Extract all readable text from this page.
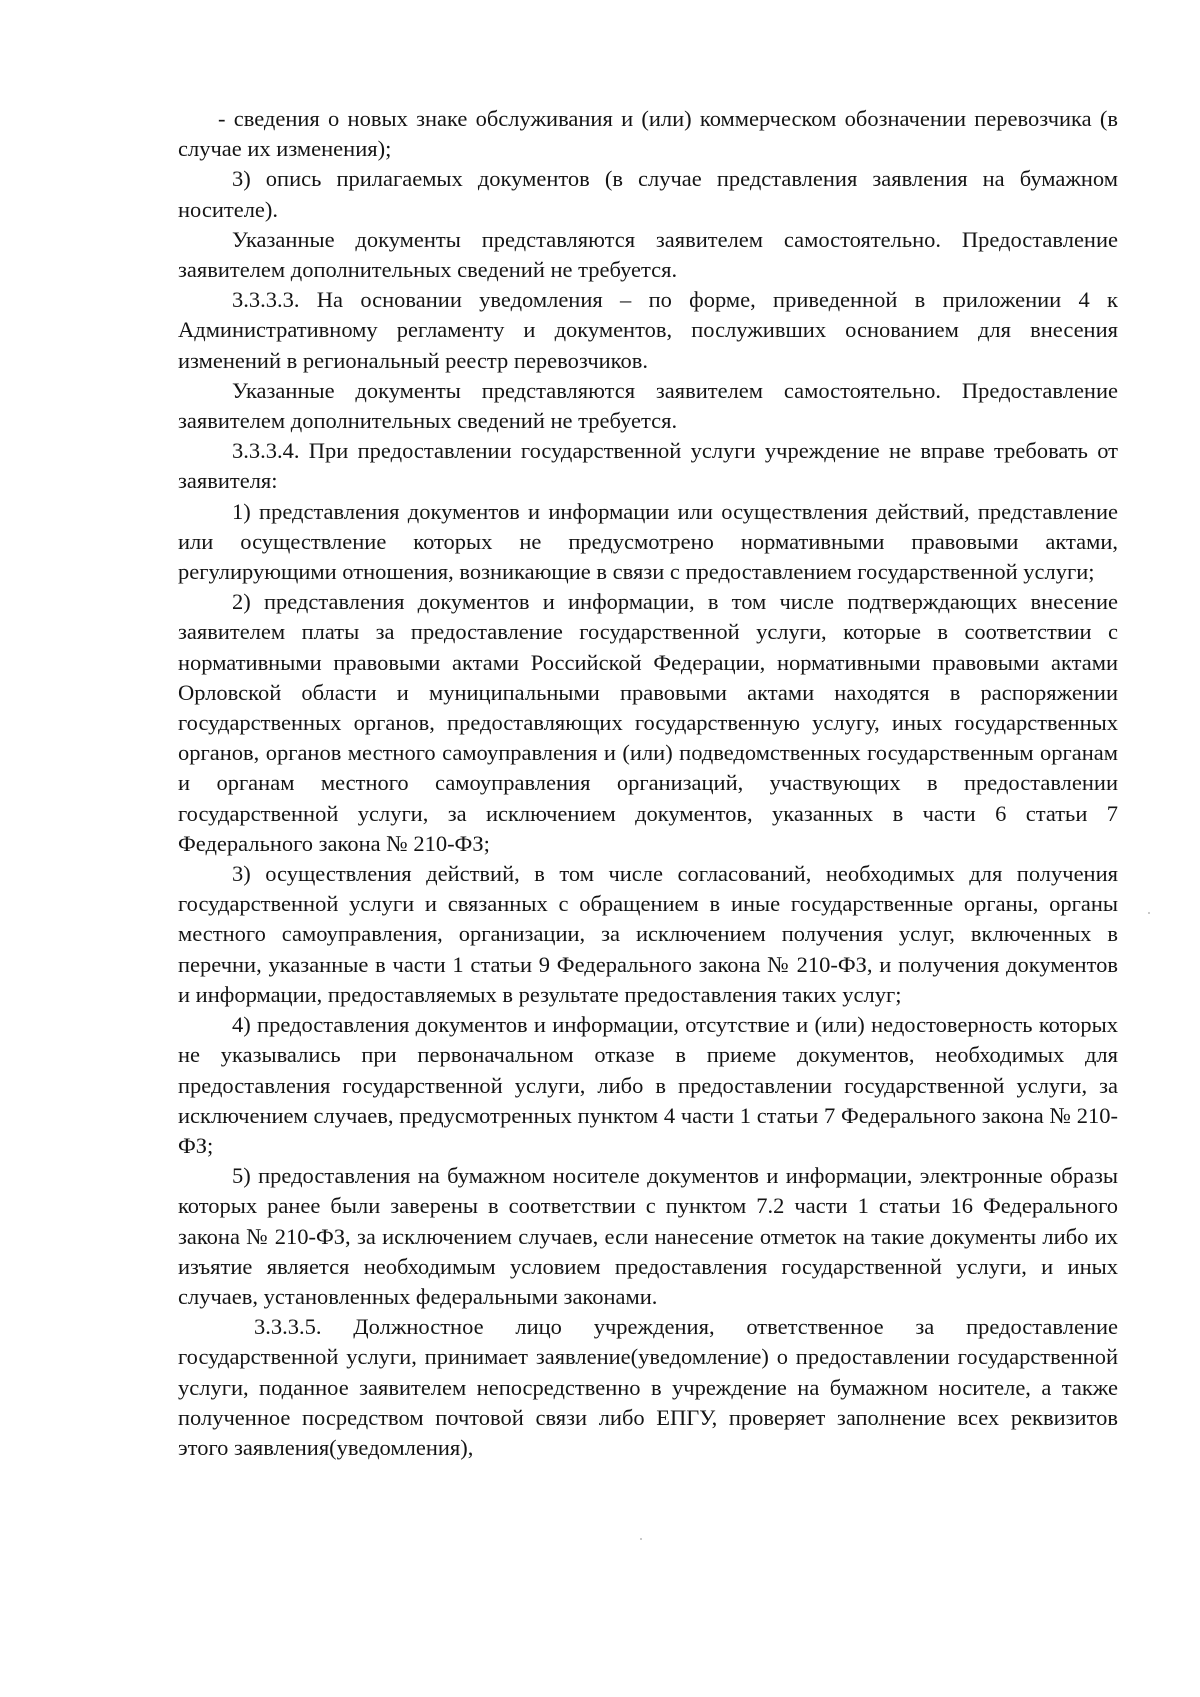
- сведения о новых знаке обслуживания и (или) коммерческом обозначении перевозчика (в случае их изменения);

3) опись прилагаемых документов (в случае представления заявления на бумажном носителе).

Указанные документы представляются заявителем самостоятельно. Предоставление заявителем дополнительных сведений не требуется.

3.3.3.3. На основании уведомления – по форме, приведенной в приложении 4 к Административному регламенту и документов, послуживших основанием для внесения изменений в региональный реестр перевозчиков.

Указанные документы представляются заявителем самостоятельно. Предоставление заявителем дополнительных сведений не требуется.

3.3.3.4. При предоставлении государственной услуги учреждение не вправе требовать от заявителя:

1) представления документов и информации или осуществления действий, представление или осуществление которых не предусмотрено нормативными правовыми актами, регулирующими отношения, возникающие в связи с предоставлением государственной услуги;

2) представления документов и информации, в том числе подтверждающих внесение заявителем платы за предоставление государственной услуги, которые в соответствии с нормативными правовыми актами Российской Федерации, нормативными правовыми актами Орловской области и муниципальными правовыми актами находятся в распоряжении государственных органов, предоставляющих государственную услугу, иных государственных органов, органов местного самоуправления и (или) подведомственных государственным органам и органам местного самоуправления организаций, участвующих в предоставлении государственной услуги, за исключением документов, указанных в части 6 статьи 7 Федерального закона № 210-ФЗ;

3) осуществления действий, в том числе согласований, необходимых для получения государственной услуги и связанных с обращением в иные государственные органы, органы местного самоуправления, организации, за исключением получения услуг, включенных в перечни, указанные в части 1 статьи 9 Федерального закона № 210-ФЗ, и получения документов и информации, предоставляемых в результате предоставления таких услуг;

4) предоставления документов и информации, отсутствие и (или) недостоверность которых не указывались при первоначальном отказе в приеме документов, необходимых для предоставления государственной услуги, либо в предоставлении государственной услуги, за исключением случаев, предусмотренных пунктом 4 части 1 статьи 7 Федерального закона № 210-ФЗ;

5) предоставления на бумажном носителе документов и информации, электронные образы которых ранее были заверены в соответствии с пунктом 7.2 части 1 статьи 16 Федерального закона № 210-ФЗ, за исключением случаев, если нанесение отметок на такие документы либо их изъятие является необходимым условием предоставления государственной услуги, и иных случаев, установленных федеральными законами.

3.3.3.5. Должностное лицо учреждения, ответственное за предоставление государственной услуги, принимает заявление(уведомление) о предоставлении государственной услуги, поданное заявителем непосредственно в учреждение на бумажном носителе, а также полученное посредством почтовой связи либо ЕПГУ, проверяет заполнение всех реквизитов этого заявления(уведомления),
